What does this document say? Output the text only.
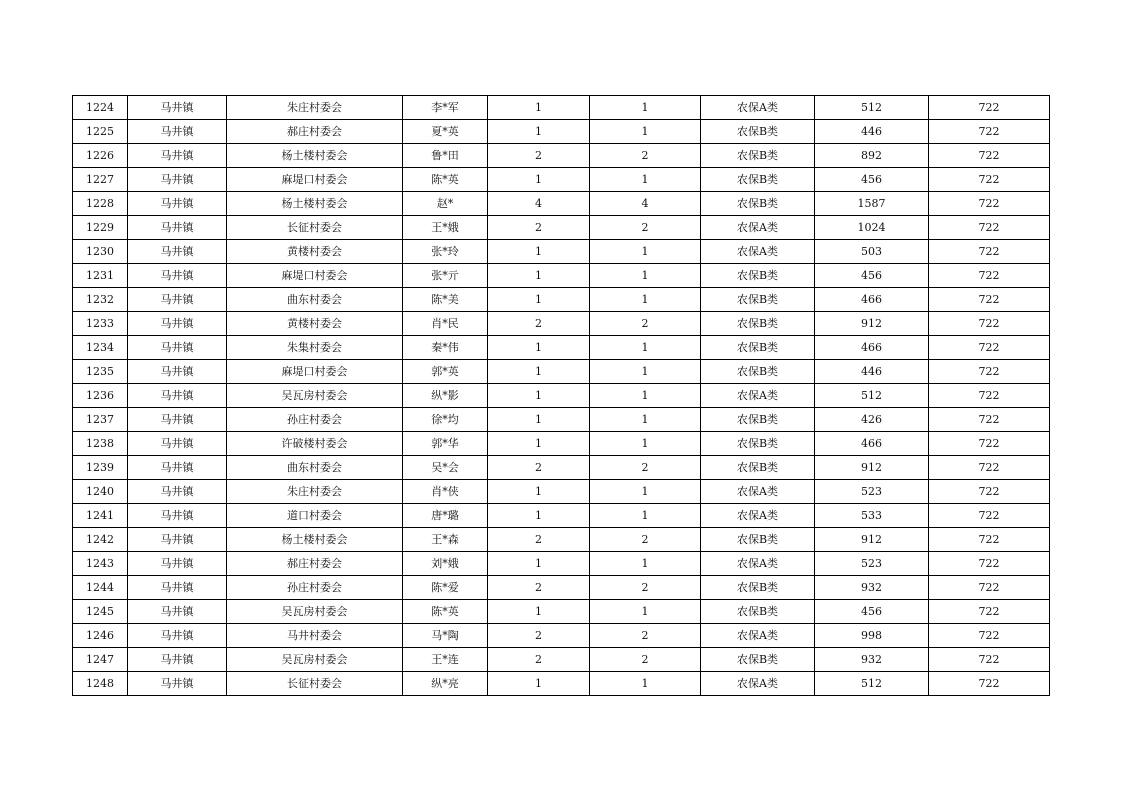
1224	马井镇	朱庄村委会	李*军	1	1	农保A类	512	722
1225	马井镇	郝庄村委会	夏*英	1	1	农保B类	446	722
1226	马井镇	杨土楼村委会	鲁*田	2	2	农保B类	892	722
1227	马井镇	麻堤口村委会	陈*英	1	1	农保B类	456	722
1228	马井镇	杨土楼村委会	赵*	4	4	农保B类	1587	722
1229	马井镇	长征村委会	王*娥	2	2	农保A类	1024	722
1230	马井镇	黄楼村委会	张*玲	1	1	农保A类	503	722
1231	马井镇	麻堤口村委会	张*亓	1	1	农保B类	456	722
1232	马井镇	曲东村委会	陈*美	1	1	农保B类	466	722
1233	马井镇	黄楼村委会	肖*民	2	2	农保B类	912	722
1234	马井镇	朱集村委会	秦*伟	1	1	农保B类	466	722
1235	马井镇	麻堤口村委会	郭*英	1	1	农保B类	446	722
1236	马井镇	吴瓦房村委会	纵*影	1	1	农保A类	512	722
1237	马井镇	孙庄村委会	徐*均	1	1	农保B类	426	722
1238	马井镇	许破楼村委会	郭*华	1	1	农保B类	466	722
1239	马井镇	曲东村委会	吴*会	2	2	农保B类	912	722
1240	马井镇	朱庄村委会	肖*侠	1	1	农保A类	523	722
1241	马井镇	道口村委会	唐*璐	1	1	农保A类	533	722
1242	马井镇	杨土楼村委会	王*森	2	2	农保B类	912	722
1243	马井镇	郝庄村委会	刘*娥	1	1	农保A类	523	722
1244	马井镇	孙庄村委会	陈*爱	2	2	农保B类	932	722
1245	马井镇	吴瓦房村委会	陈*英	1	1	农保B类	456	722
1246	马井镇	马井村委会	马*陶	2	2	农保A类	998	722
1247	马井镇	吴瓦房村委会	王*连	2	2	农保B类	932	722
1248	马井镇	长征村委会	纵*亮	1	1	农保A类	512	722
